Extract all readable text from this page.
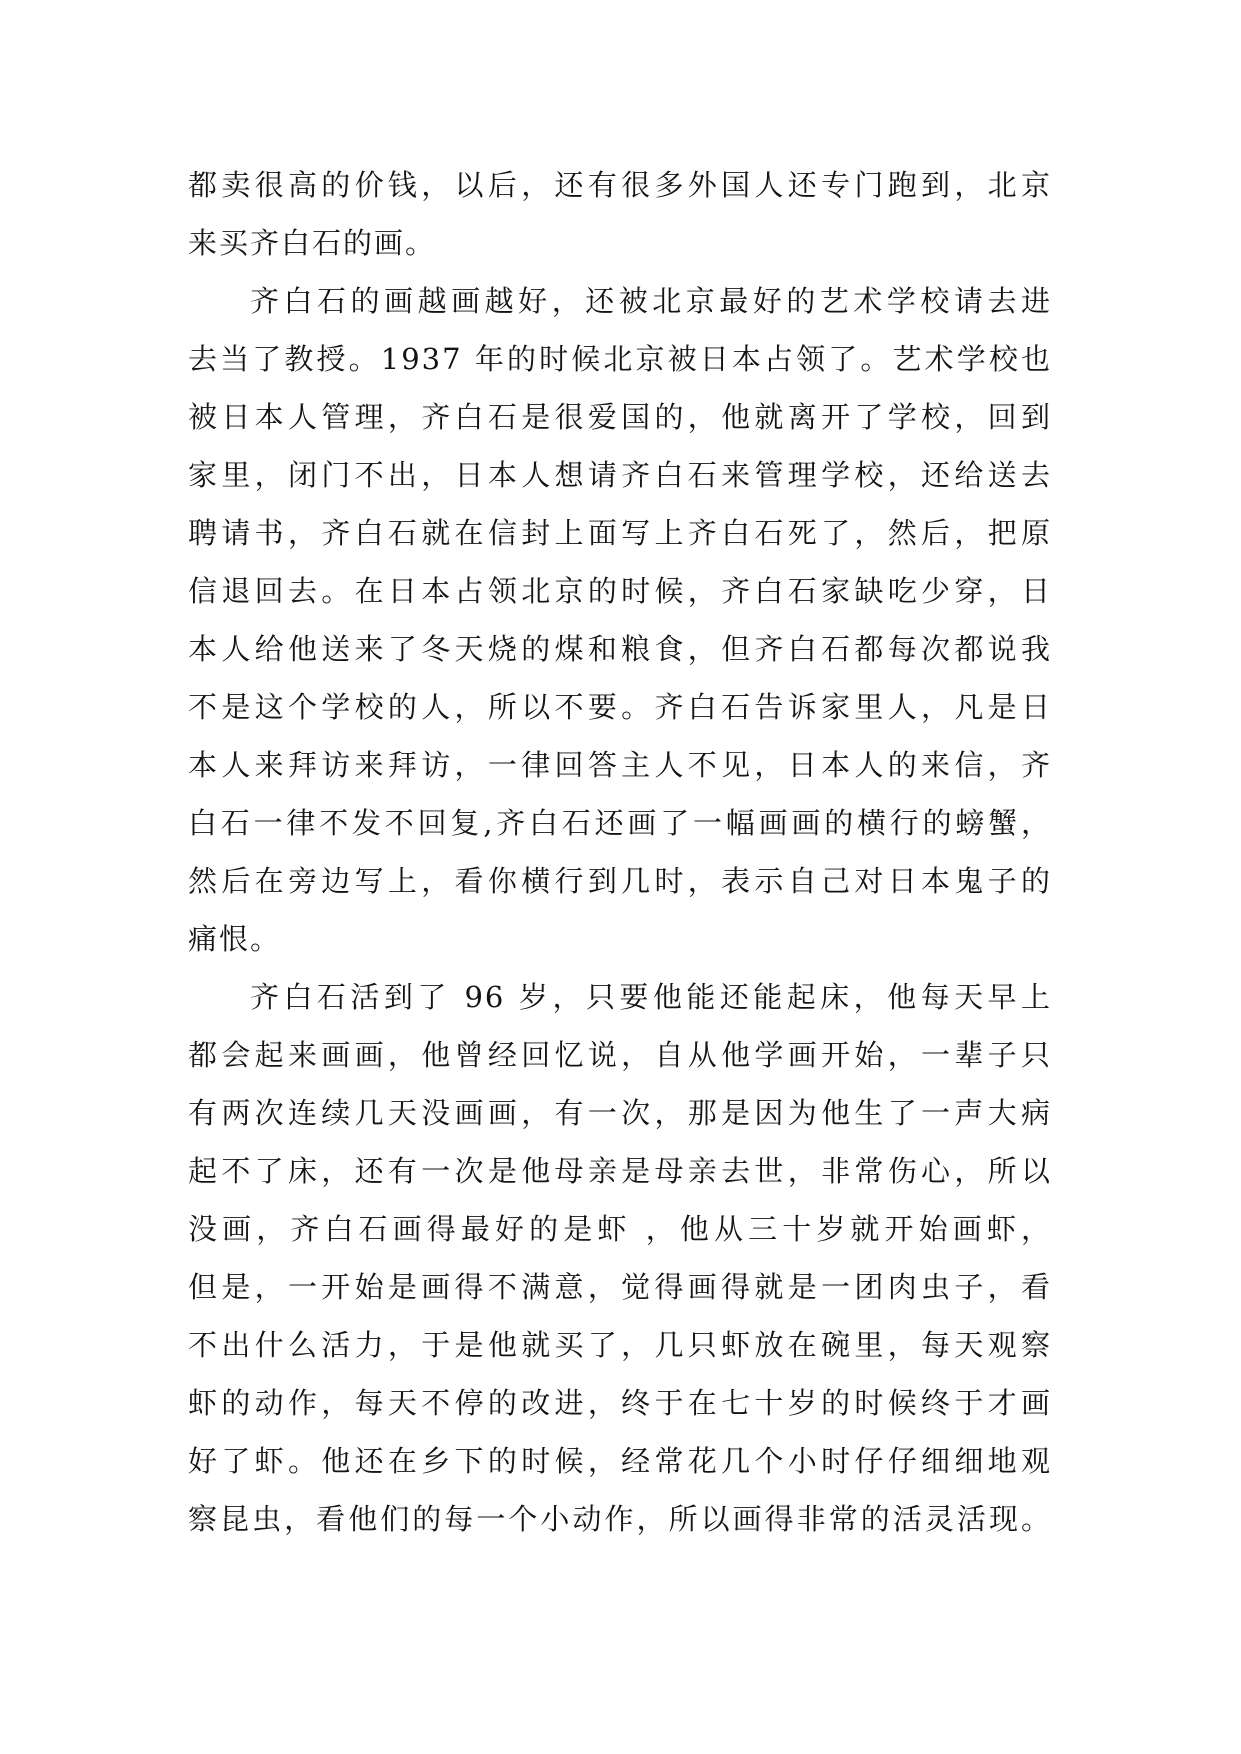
都卖很高的价钱，以后，还有很多外国人还专门跑到，北京
来买齐白石的画。
齐白石的画越画越好，还被北京最好的艺术学校请去进
去当了教授。1937 年的时候北京被日本占领了。艺术学校也
被日本人管理，齐白石是很爱国的，他就离开了学校，回到
家里，闭门不出，日本人想请齐白石来管理学校，还给送去
聘请书，齐白石就在信封上面写上齐白石死了，然后，把原
信退回去。在日本占领北京的时候，齐白石家缺吃少穿，日
本人给他送来了冬天烧的煤和粮食，但齐白石都每次都说我
不是这个学校的人，所以不要。齐白石告诉家里人，凡是日
本人来拜访来拜访，一律回答主人不见，日本人的来信，齐
白石一律不发不回复,齐白石还画了一幅画画的横行的螃蟹，
然后在旁边写上，看你横行到几时，表示自己对日本鬼子的
痛恨。
齐白石活到了 96 岁，只要他能还能起床，他每天早上
都会起来画画，他曾经回忆说，自从他学画开始，一辈子只
有两次连续几天没画画，有一次，那是因为他生了一声大病
起不了床，还有一次是他母亲是母亲去世，非常伤心，所以
没画，齐白石画得最好的是虾 ，他从三十岁就开始画虾，
但是，一开始是画得不满意，觉得画得就是一团肉虫子，看
不出什么活力，于是他就买了，几只虾放在碗里，每天观察
虾的动作，每天不停的改进，终于在七十岁的时候终于才画
好了虾。他还在乡下的时候，经常花几个小时仔仔细细地观
察昆虫，看他们的每一个小动作，所以画得非常的活灵活现。
